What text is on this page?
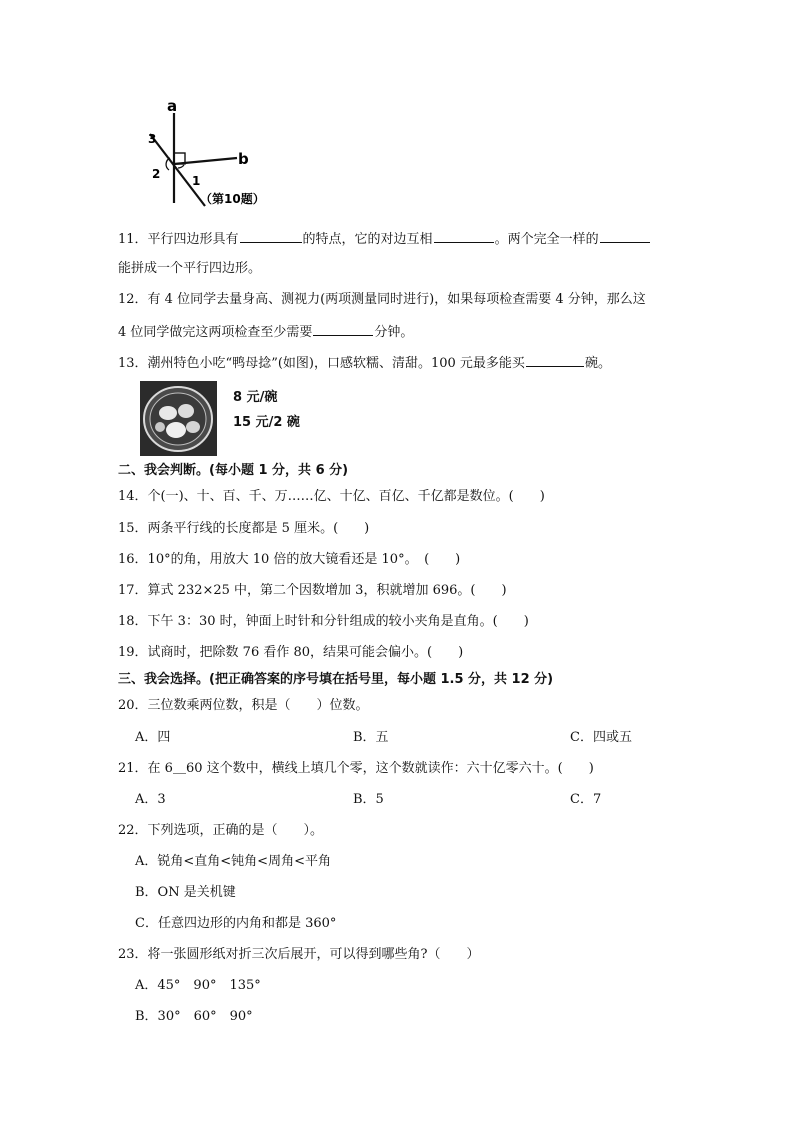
a
b
3
2	1
（第10题）
11．平行四边形具有	的特点，它的对边互相	。两个完全一样的
能拼成一个平行四边形。
12．有 4 位同学去量身高、测视力(两项测量同时进行)，如果每项检查需要 4 分钟，那么这
4 位同学做完这两项检查至少需要	分钟。
13．潮州特色小吃“鸭母捻”(如图)，口感软糯、清甜。100 元最多能买	碗。
8 元/碗
15 元/2 碗
二、我会判断。(每小题 1 分，共 6 分)
14．个(一)、十、百、千、万……亿、十亿、百亿、千亿都是数位。(　　)
15．两条平行线的长度都是 5 厘米。(　　)
16．10°的角，用放大 10 倍的放大镜看还是 10°。　(　　)
17．算式 232×25 中，第二个因数增加 3，积就增加 696。(　　)
18．下午 3：30 时，钟面上时针和分针组成的较小夹角是直角。(　　)
19．试商时，把除数 76 看作 80，结果可能会偏小。(　　)
三、我会选择。(把正确答案的序号填在括号里，每小题 1.5 分，共 12 分)
20．三位数乘两位数，积是（　　）位数。
A．四	B．五	C．四或五
21．在 6＿60 这个数中，横线上填几个零，这个数就读作：六十亿零六十。(　　)
A．3	B．5	C．7
22．下列选项，正确的是（　　）。
A．锐角<直角<钝角<周角<平角
B．ON 是关机键
C．任意四边形的内角和都是 360°
23．将一张圆形纸对折三次后展开，可以得到哪些角?（　　）
A．45°　90°　135°
B．30°　60°　90°
